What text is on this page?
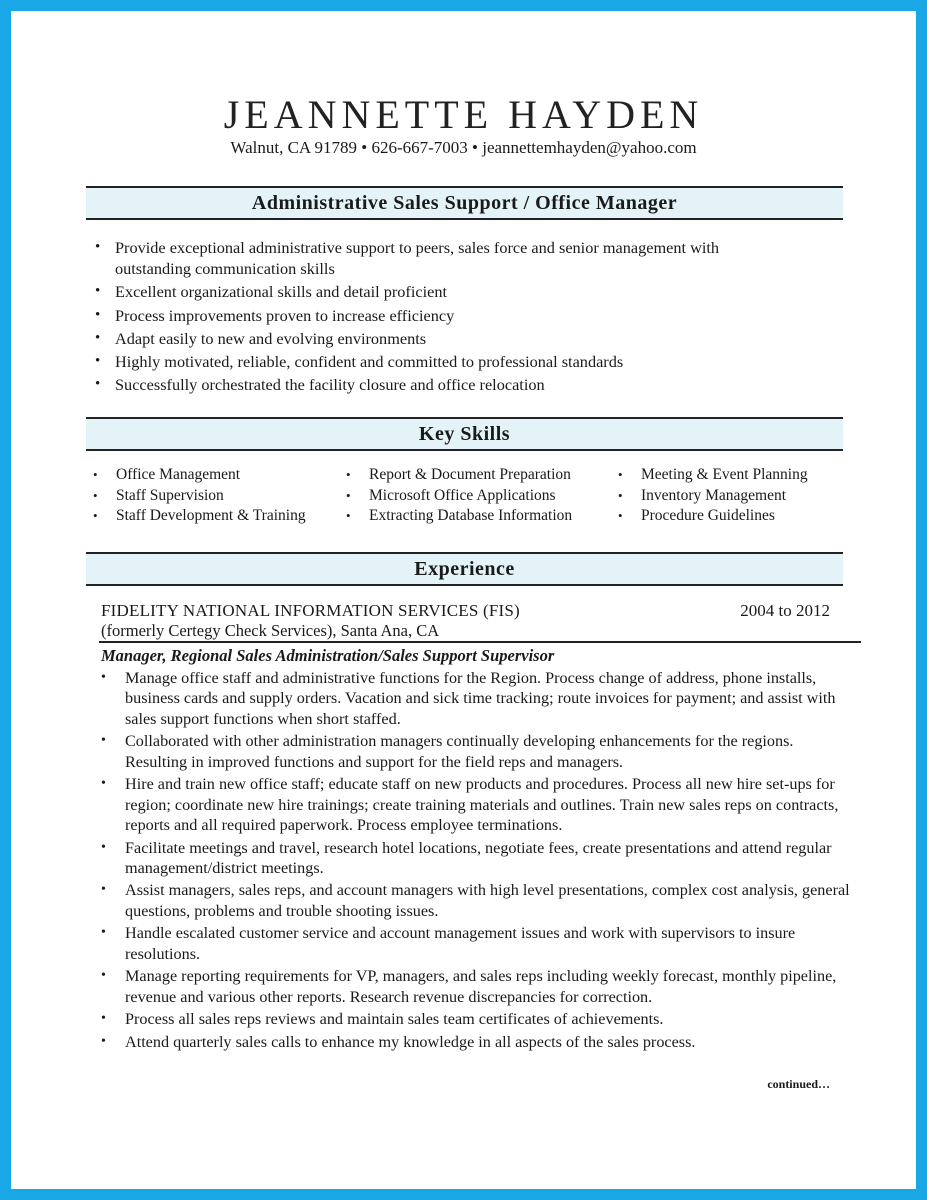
JEANNETTE HAYDEN
Walnut, CA 91789 • 626-667-7003 • jeannettemhayden@yahoo.com
Administrative Sales Support / Office Manager
• Provide exceptional administrative support to peers, sales force and senior management with outstanding communication skills
• Excellent organizational skills and detail proficient
• Process improvements proven to increase efficiency
• Adapt easily to new and evolving environments
• Highly motivated, reliable, confident and committed to professional standards
• Successfully orchestrated the facility closure and office relocation
Key Skills
• Office Management
• Staff Supervision
• Staff Development & Training
• Report & Document Preparation
• Microsoft Office Applications
• Extracting Database Information
• Meeting & Event Planning
• Inventory Management
• Procedure Guidelines
Experience
FIDELITY NATIONAL INFORMATION SERVICES (FIS)	2004 to 2012
(formerly Certegy Check Services), Santa Ana, CA
Manager, Regional Sales Administration/Sales Support Supervisor
• Manage office staff and administrative functions for the Region. Process change of address, phone installs, business cards and supply orders. Vacation and sick time tracking; route invoices for payment; and assist with sales support functions when short staffed.
• Collaborated with other administration managers continually developing enhancements for the regions. Resulting in improved functions and support for the field reps and managers.
• Hire and train new office staff; educate staff on new products and procedures. Process all new hire set-ups for region; coordinate new hire trainings; create training materials and outlines. Train new sales reps on contracts, reports and all required paperwork. Process employee terminations.
• Facilitate meetings and travel, research hotel locations, negotiate fees, create presentations and attend regular management/district meetings.
• Assist managers, sales reps, and account managers with high level presentations, complex cost analysis, general questions, problems and trouble shooting issues.
• Handle escalated customer service and account management issues and work with supervisors to insure resolutions.
• Manage reporting requirements for VP, managers, and sales reps including weekly forecast, monthly pipeline, revenue and various other reports. Research revenue discrepancies for correction.
• Process all sales reps reviews and maintain sales team certificates of achievements.
• Attend quarterly sales calls to enhance my knowledge in all aspects of the sales process.
continued…
